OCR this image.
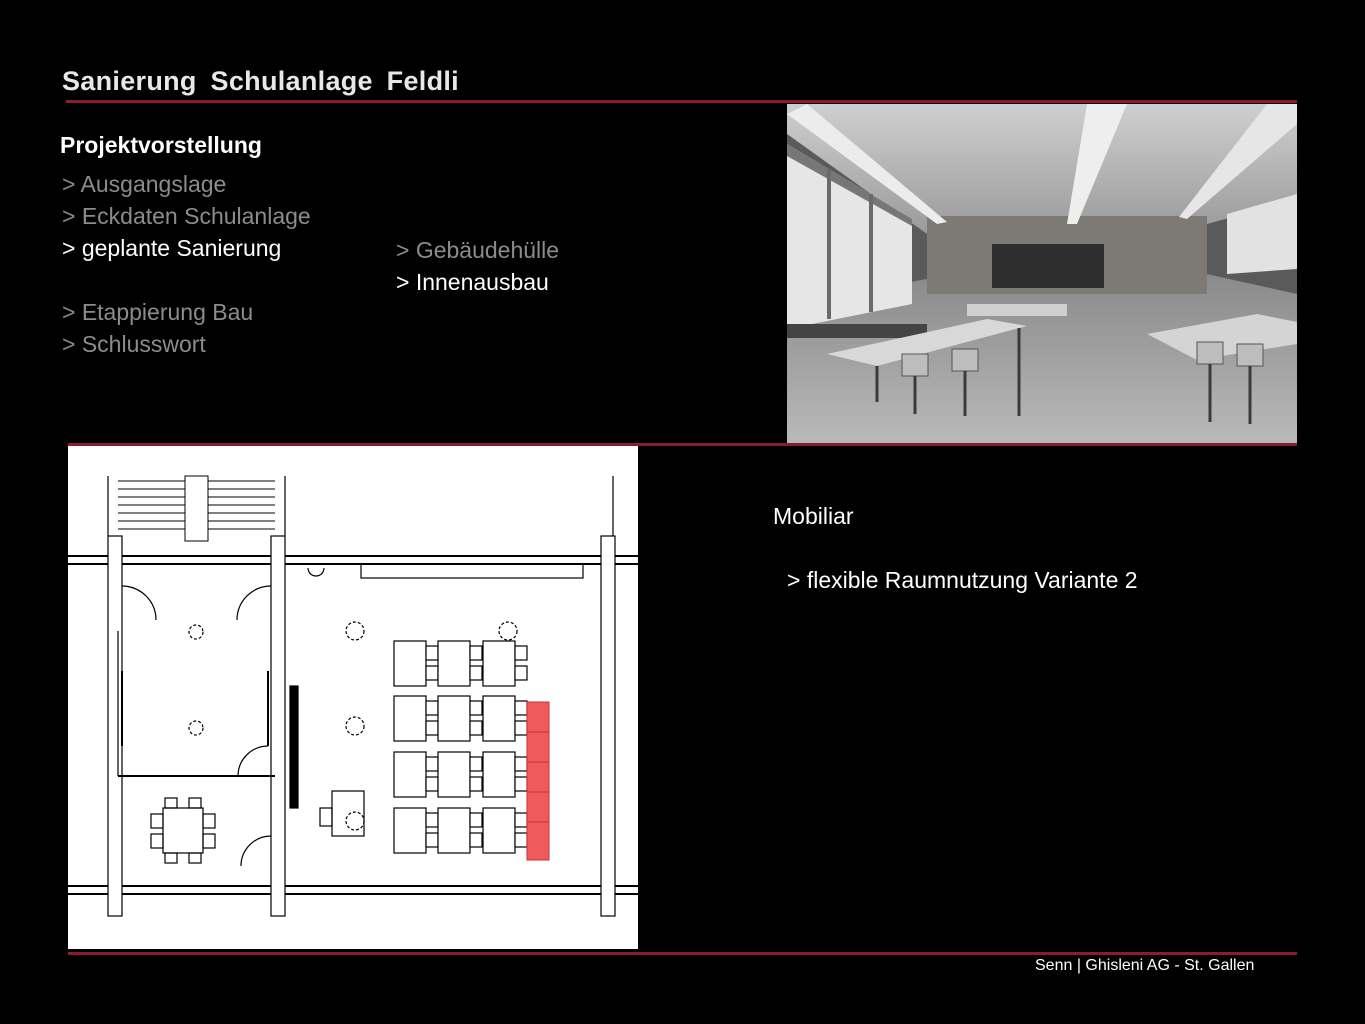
Sanierung Schulanlage Feldli
Projektvorstellung
> Ausgangslage
> Eckdaten Schulanlage
> geplante Sanierung
> Etappierung Bau
> Schlusswort
> Gebäudehülle
> Innenausbau
Mobiliar
> flexible Raumnutzung Variante 2
Senn | Ghisleni AG - St. Gallen
